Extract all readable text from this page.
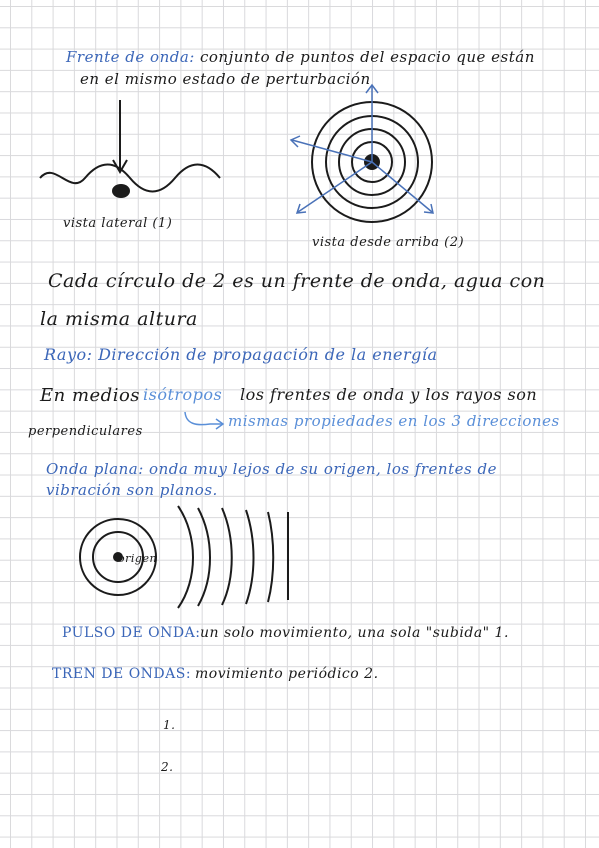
Frente de onda: conjunto de puntos del espacio que están
en el mismo estado de perturbación
vista lateral (1)
vista desde arriba (2)
Cada círculo de 2 es un frente de onda, agua con
la misma altura
Rayo: Dirección de propagación de la energía
En medios isótropos los frentes de onda y los rayos son
mismas propiedades en los 3 direcciones
perpendiculares
Onda plana: onda muy lejos de su origen, los frentes de
vibración son planos.
origen
PULSO DE ONDA: un solo movimiento, una sola "subida" 1.
TREN DE ONDAS: movimiento periódico 2.
1.
2.
